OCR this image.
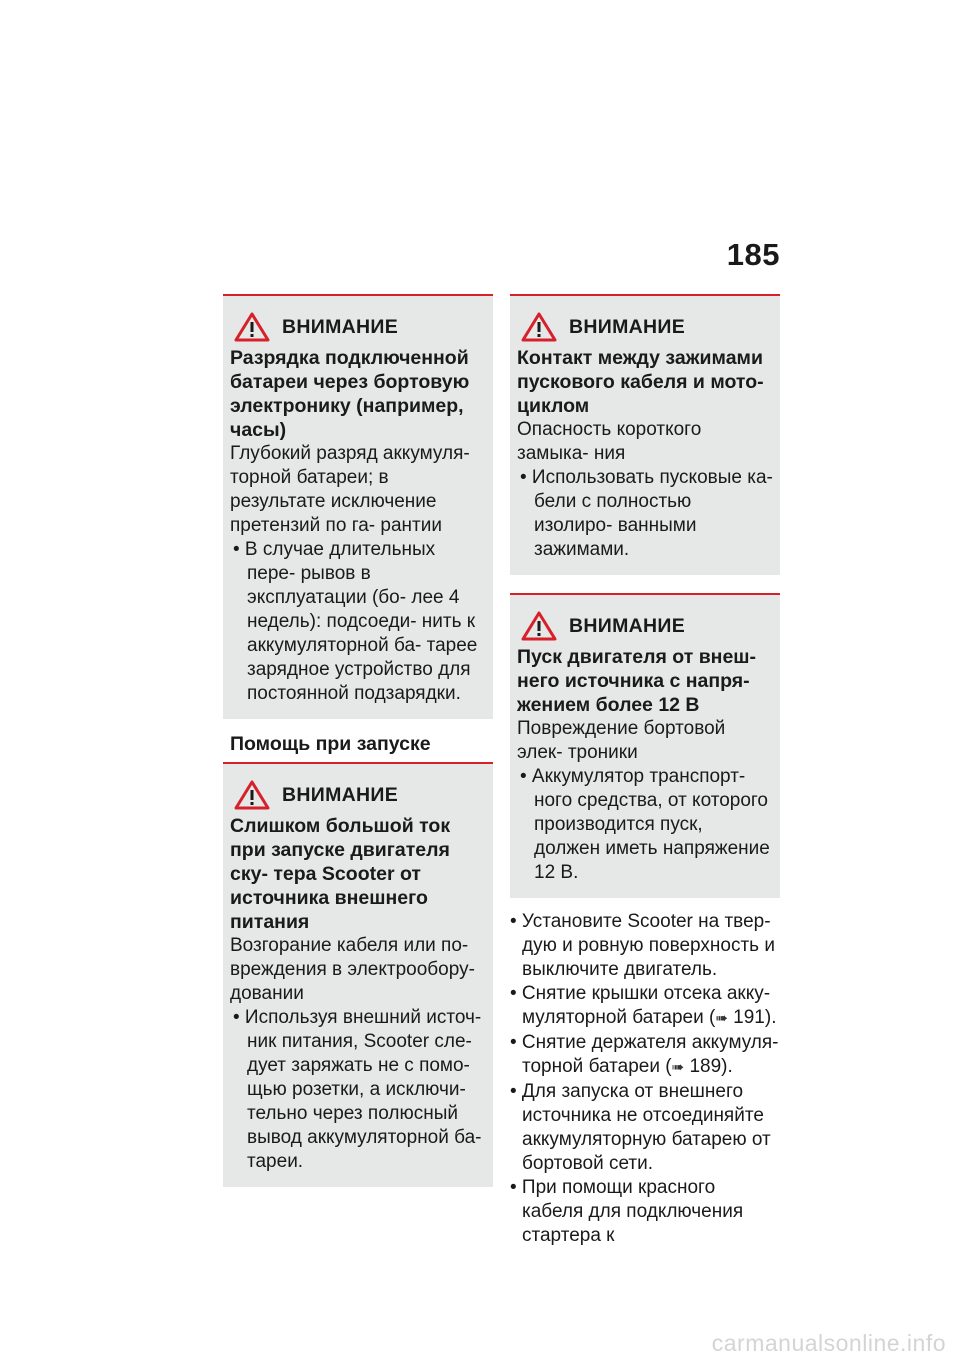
185
ВНИМАНИЕ
Разрядка подключенной батареи через бортовую электронику (например, часы)
Глубокий разряд аккумуля- торной батареи; в результате исключение претензий по га- рантии
• В случае длительных пере- рывов в эксплуатации (бо- лее 4 недель): подсоеди- нить к аккумуляторной ба- тарее зарядное устройство для постоянной подзарядки.
Помощь при запуске
ВНИМАНИЕ
Слишком большой ток при запуске двигателя ску- тера Scooter от источника внешнего питания
Возгорание кабеля или по- вреждения в электрообору- довании
• Используя внешний источ- ник питания, Scooter сле- дует заряжать не с помо- щью розетки, а исключи- тельно через полюсный вывод аккумуляторной ба- тареи.
ВНИМАНИЕ
Контакт между зажимами пускового кабеля и мото- циклом
Опасность короткого замыка- ния
• Использовать пусковые ка- бели с полностью изолиро- ванными зажимами.
ВНИМАНИЕ
Пуск двигателя от внеш- него источника с напря- жением более 12 В
Повреждение бортовой элек- троники
• Аккумулятор транспорт- ного средства, от которого производится пуск, должен иметь напряжение 12 В.
• Установите Scooter на твер- дую и ровную поверхность и выключите двигатель.
• Снятие крышки отсека акку- муляторной батареи (➠ 191).
• Снятие держателя аккумуля- торной батареи (➠ 189).
• Для запуска от внешнего источника не отсоединяйте аккумуляторную батарею от бортовой сети.
• При помощи красного кабеля для подключения стартера к
carmanualsonline.info
